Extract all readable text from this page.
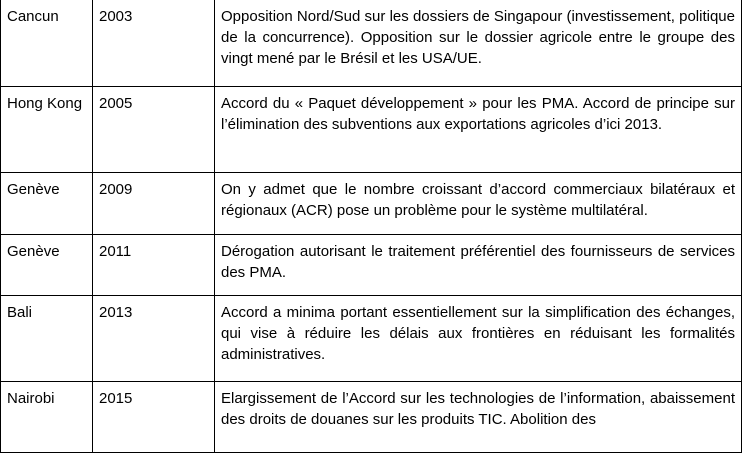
Cancun	2003	Opposition Nord/Sud sur les dossiers de Singapour (investissement, politique de la concurrence). Opposition sur le dossier agricole entre le groupe des vingt mené par le Brésil et les USA/UE.
Hong Kong	2005	Accord du « Paquet développement » pour les PMA. Accord de principe sur l’élimination des subventions aux exportations agricoles d’ici 2013.
Genève	2009	On y admet que le nombre croissant d’accord commerciaux bilatéraux et régionaux (ACR) pose un problème pour le système multilatéral.
Genève	2011	Dérogation autorisant le traitement préférentiel des fournisseurs de services des PMA.
Bali	2013	Accord a minima portant essentiellement sur la simplification des échanges, qui vise à réduire les délais aux frontières en réduisant les formalités administratives.
Nairobi	2015	Elargissement de l’Accord sur les technologies de l’information, abaissement des droits de douanes sur les produits TIC. Abolition des
